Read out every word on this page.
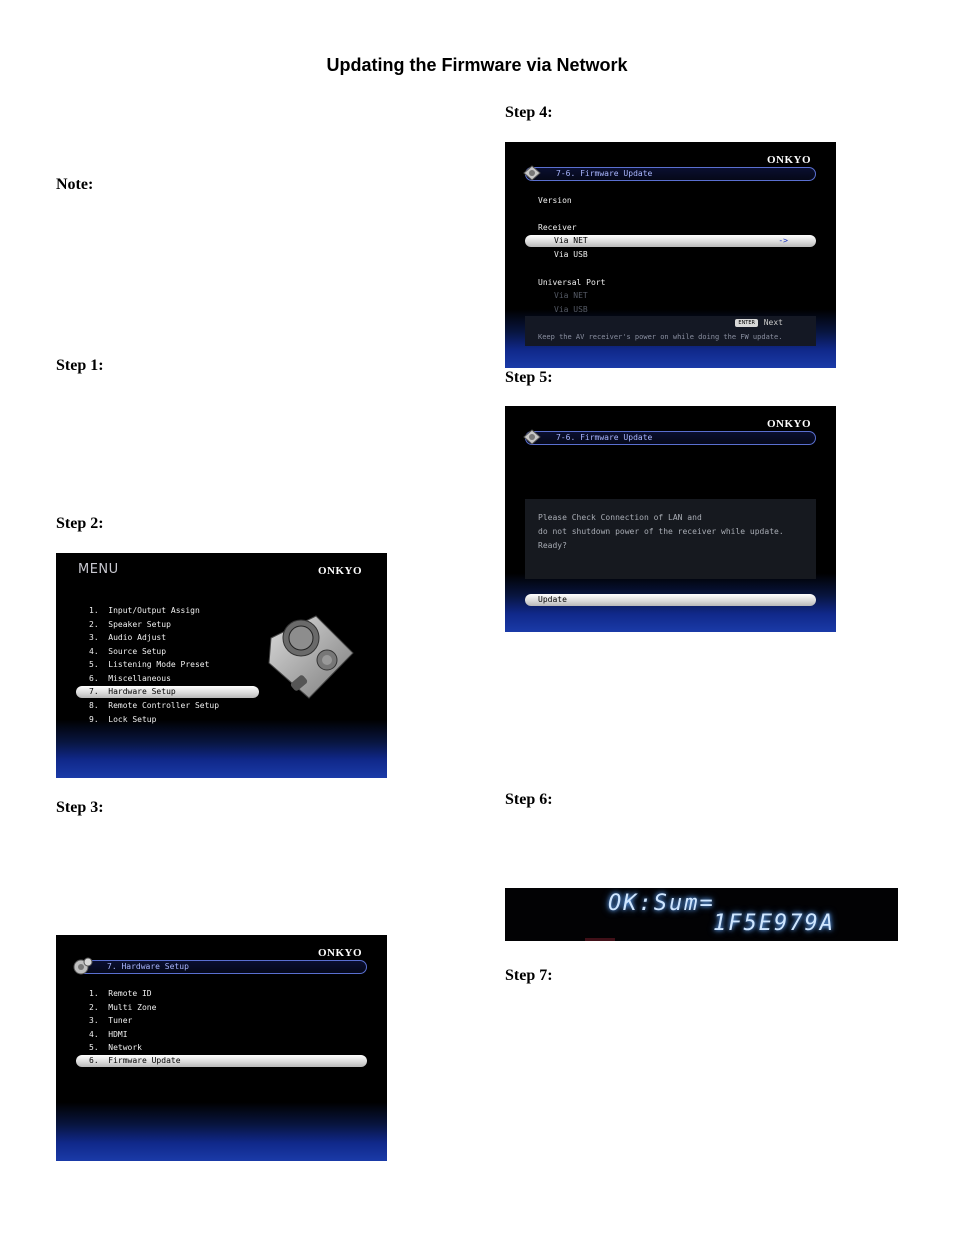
Updating the Firmware via Network
Note:
Step 1:
Step 2:
Step 3:
Step 4:
Step 5:
Step 6:
Step 7:
MENU	ONKYO
1.  Input/Output Assign
2.  Speaker Setup
3.  Audio Adjust
4.  Source Setup
5.  Listening Mode Preset
6.  Miscellaneous
7.  Hardware Setup
8.  Remote Controller Setup
9.  Lock Setup
ONKYO
7. Hardware Setup
1.  Remote ID
2.  Multi Zone
3.  Tuner
4.  HDMI
5.  Network
6.  Firmware Update
ONKYO
7-6. Firmware Update
Version
Receiver
Via NET	->
Via USB
Universal Port
Via NET
Via USB
ENTER	Next
Keep the AV receiver's power on while doing the FW update.
ONKYO
7-6. Firmware Update
Please Check Connection of LAN and
do not shutdown power of the receiver while update.
Ready?
Update
OK:Sum=
1F5E979A
